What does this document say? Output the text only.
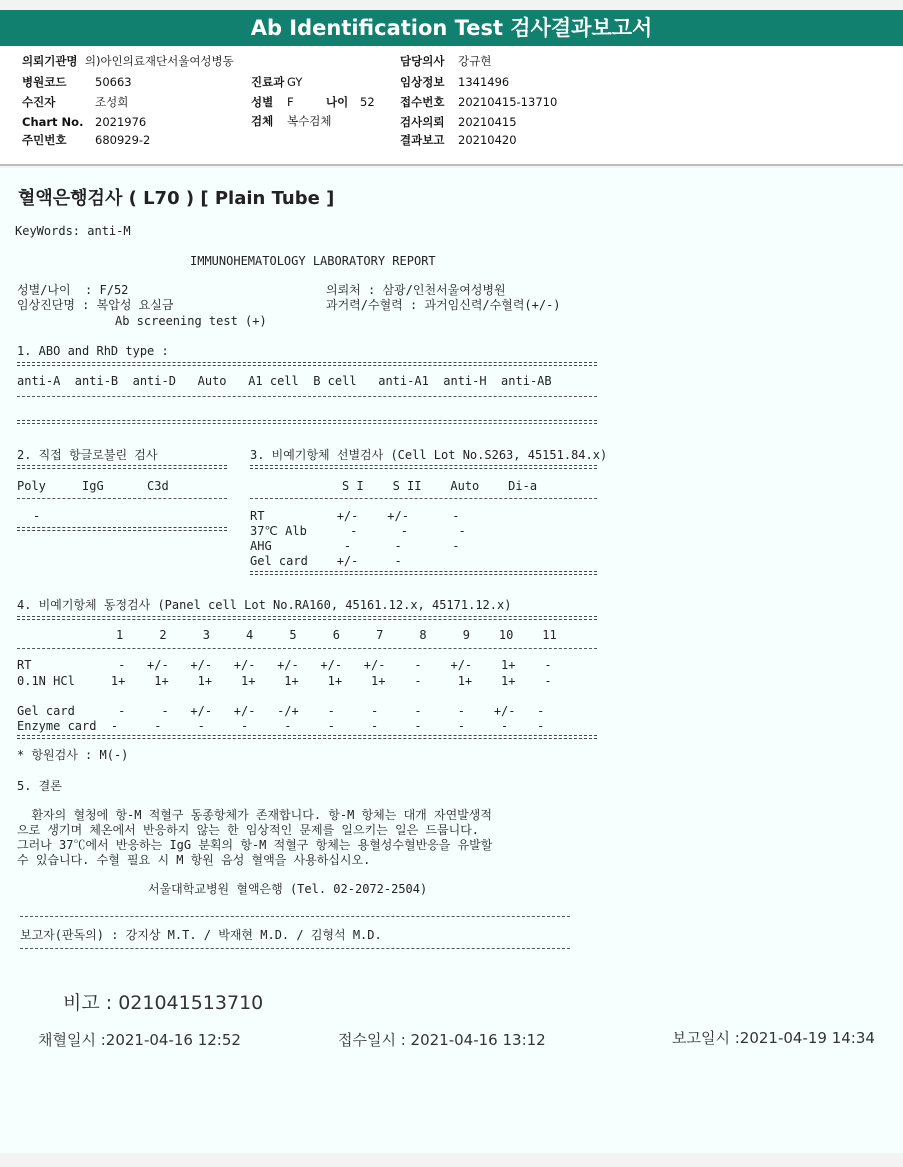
Ab Identification Test 검사결과보고서
의뢰기관명 의)아인의료재단서울여성병동
병원코드 50663
수진자	조성희
Chart No. 2021976
주민번호 680929-2
진료과 GY
성별 F	나이 52
검체 복수검체
담당의사 강규현
임상정보 1341496
접수번호 20210415-13710
검사의뢰 20210415
결과보고 20210420
혈액은행검사 ( L70 ) [ Plain Tube ]
KeyWords: anti-M
IMMUNOHEMATOLOGY LABORATORY REPORT
성별/나이  : F/52
임상진단명 : 복압성 요실금
Ab screening test (+)
의뢰처 : 삼광/인천서울여성병원
과거력/수혈력 : 과거임신력/수혈력(+/-)
1. ABO and RhD type :
anti-A  anti-B  anti-D   Auto   A1 cell  B cell   anti-A1  anti-H  anti-AB
2. 직접 항글로불린 검사
Poly     IgG      C3d
-
3. 비예기항체 선별검사 (Cell Lot No.S263, 45151.84.x)
S I    S II    Auto    Di-a
RT          +/-    +/-      -
37℃ Alb      -      -       -
AHG          -      -       -
Gel card    +/-     -
4. 비예기항체 동정검사 (Panel cell Lot No.RA160, 45161.12.x, 45171.12.x)
1     2     3     4     5     6     7     8     9    10    11
RT            -   +/-   +/-   +/-   +/-   +/-   +/-    -    +/-    1+    -
0.1N HCl     1+    1+    1+    1+    1+    1+    1+    -     1+    1+    -
Gel card      -     -   +/-   +/-   -/+    -     -     -     -    +/-   -
Enzyme card  -     -     -     -     -     -     -     -     -     -    -
* 항원검사 : M(-)
5. 결론
환자의 혈청에 항-M 적혈구 동종항체가 존재합니다. 항-M 항체는 대개 자연발생적
으로 생기며 체온에서 반응하지 않는 한 임상적인 문제를 일으키는 일은 드뭅니다.
그러나 37℃에서 반응하는 IgG 분획의 항-M 적혈구 항체는 용혈성수혈반응을 유발할
수 있습니다. 수혈 필요 시 M 항원 음성 혈액을 사용하십시오.
서울대학교병원 혈액은행 (Tel. 02-2072-2504)
보고자(판독의) : 강지상 M.T. / 박재현 M.D. / 김형석 M.D.
비고 : 021041513710
채혈일시 :2021-04-16 12:52	접수일시 : 2021-04-16 13:12	보고일시 :2021-04-19 14:34
